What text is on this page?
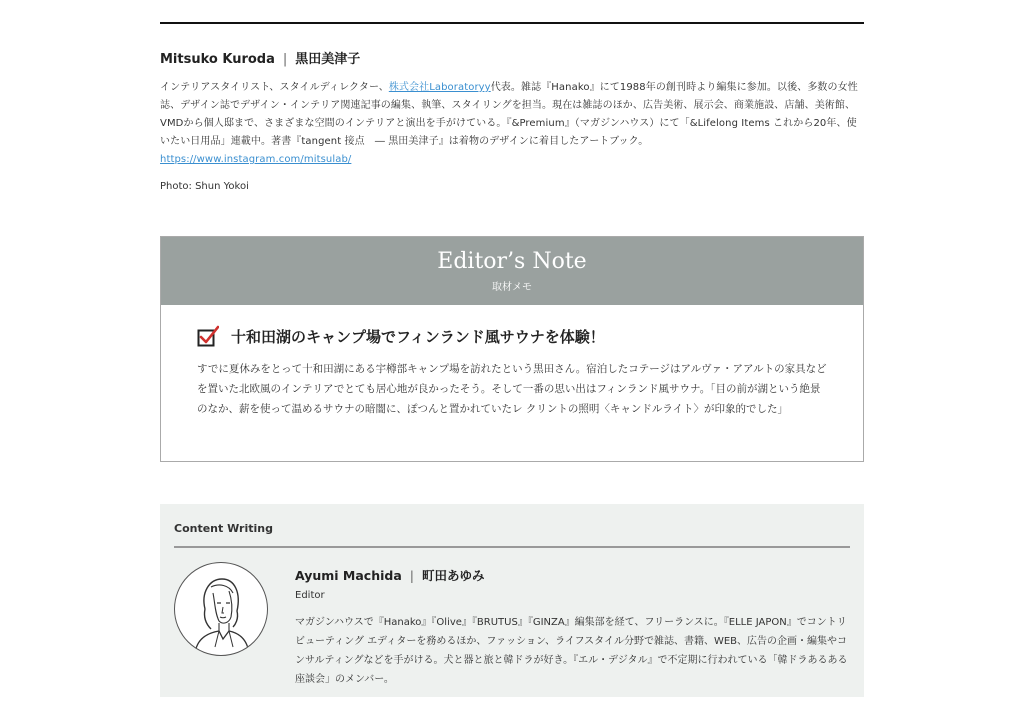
Mitsuko Kuroda | 黒田美津子

インテリアスタイリスト、スタイルディレクター、株式会社Laboratoryy代表。雑誌『Hanako』にて1988年の創刊時より編集に参加。以後、多数の女性誌、デザイン誌でデザイン・インテリア関連記事の編集、執筆、スタイリングを担当。現在は雑誌のほか、広告美術、展示会、商業施設、店舗、美術館、VMDから個人邸まで、さまざまな空間のインテリアと演出を手がけている。『&Premium』（マガジンハウス）にて「&Lifelong Items これから20年、使いたい日用品」連載中。著書『tangent 接点　― 黒田美津子』は着物のデザインに着目したアートブック。
https://www.instagram.com/mitsulab/

Photo: Shun Yokoi
Editor’s Note
取材メモ
十和田湖のキャンプ場でフィンランド風サウナを体験！
すでに夏休みをとって十和田湖にある宇樽部キャンプ場を訪れたという黒田さん。宿泊したコテージはアルヴァ・アアルトの家具などを置いた北欧風のインテリアでとても居心地が良かったそう。そして一番の思い出はフィンランド風サウナ。「目の前が湖という絶景のなか、薪を使って温めるサウナの暗闇に、ぽつんと置かれていたレ クリントの照明〈キャンドルライト〉が印象的でした」
Content Writing
Ayumi Machida | 町田あゆみ
Editor
マガジンハウスで『Hanako』『Olive』『BRUTUS』『GINZA』編集部を経て、フリーランスに。『ELLE JAPON』でコントリビューティング エディターを務めるほか、ファッション、ライフスタイル分野で雑誌、書籍、WEB、広告の企画・編集やコンサルティングなどを手がける。犬と器と旅と韓ドラが好き。『エル・デジタル』で不定期に行われている「韓ドラあるある座談会」のメンバー。
